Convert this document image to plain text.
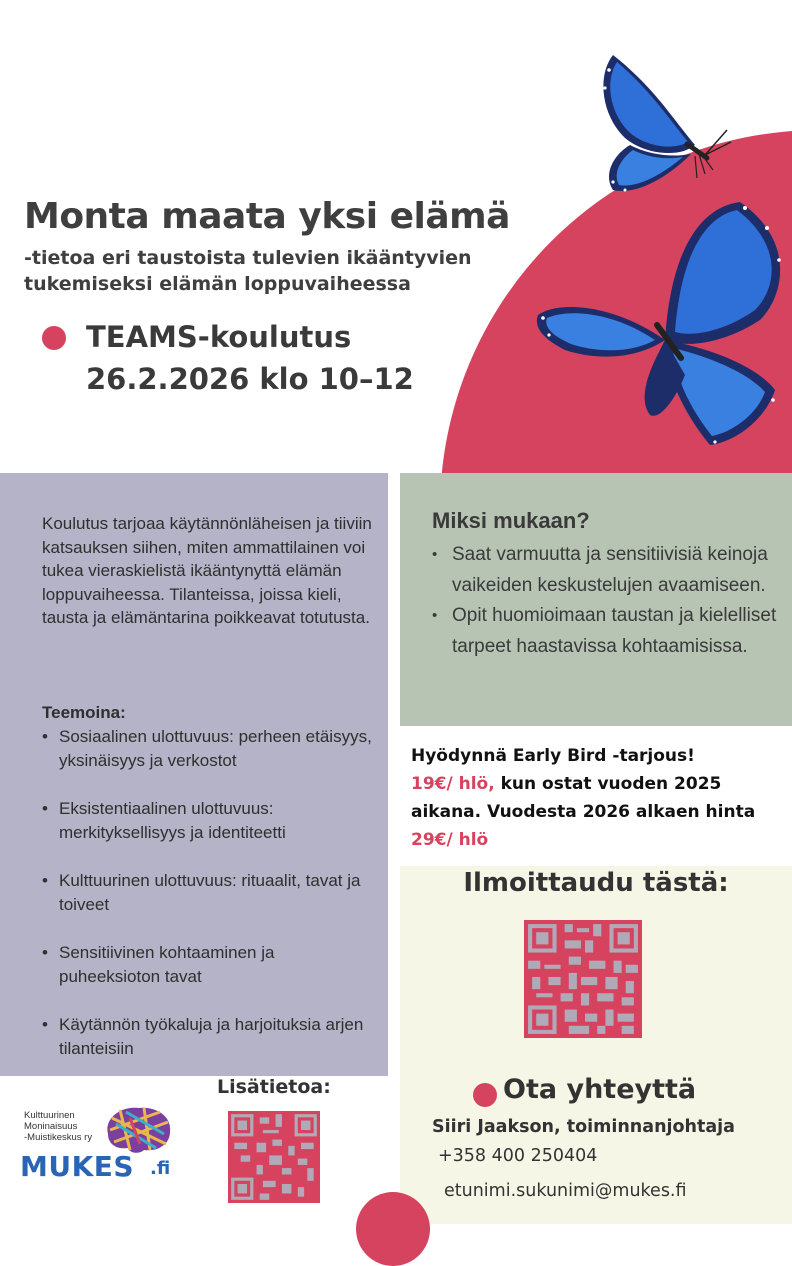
Monta maata yksi elämä
-tietoa eri taustoista tulevien ikääntyvien
tukemiseksi elämän loppuvaiheessa
TEAMS-koulutus
26.2.2026 klo 10–12
Koulutus tarjoaa käytännönläheisen ja tiiviin katsauksen siihen, miten ammattilainen voi tukea vieraskielistä ikääntynyttä elämän loppuvaiheessa. Tilanteissa, joissa kieli, tausta ja elämäntarina poikkeavat totutusta.
Teemoina:
• Sosiaalinen ulottuvuus: perheen etäisyys, yksinäisyys ja verkostot
• Eksistentiaalinen ulottuvuus: merkityksellisyys ja identiteetti
• Kulttuurinen ulottuvuus: rituaalit, tavat ja toiveet
• Sensitiivinen kohtaaminen ja puheeksioton tavat
• Käytännön työkaluja ja harjoituksia arjen tilanteisiin
Miksi mukaan?
• Saat varmuutta ja sensitiivisiä keinoja vaikeiden keskustelujen avaamiseen.
• Opit huomioimaan taustan ja kielelliset tarpeet haastavissa kohtaamisissa.
Hyödynnä Early Bird -tarjous!
19€/ hlö, kun ostat vuoden 2025 aikana. Vuodesta 2026 alkaen hinta
29€/ hlö
Ilmoittaudu tästä:
Ota yhteyttä
Siiri Jaakson, toiminnanjohtaja
+358 400 250404
etunimi.sukunimi@mukes.fi
Lisätietoa:
Kulttuurinen
Moninaisuus
-Muistikeskus ry
MUKES .fi
